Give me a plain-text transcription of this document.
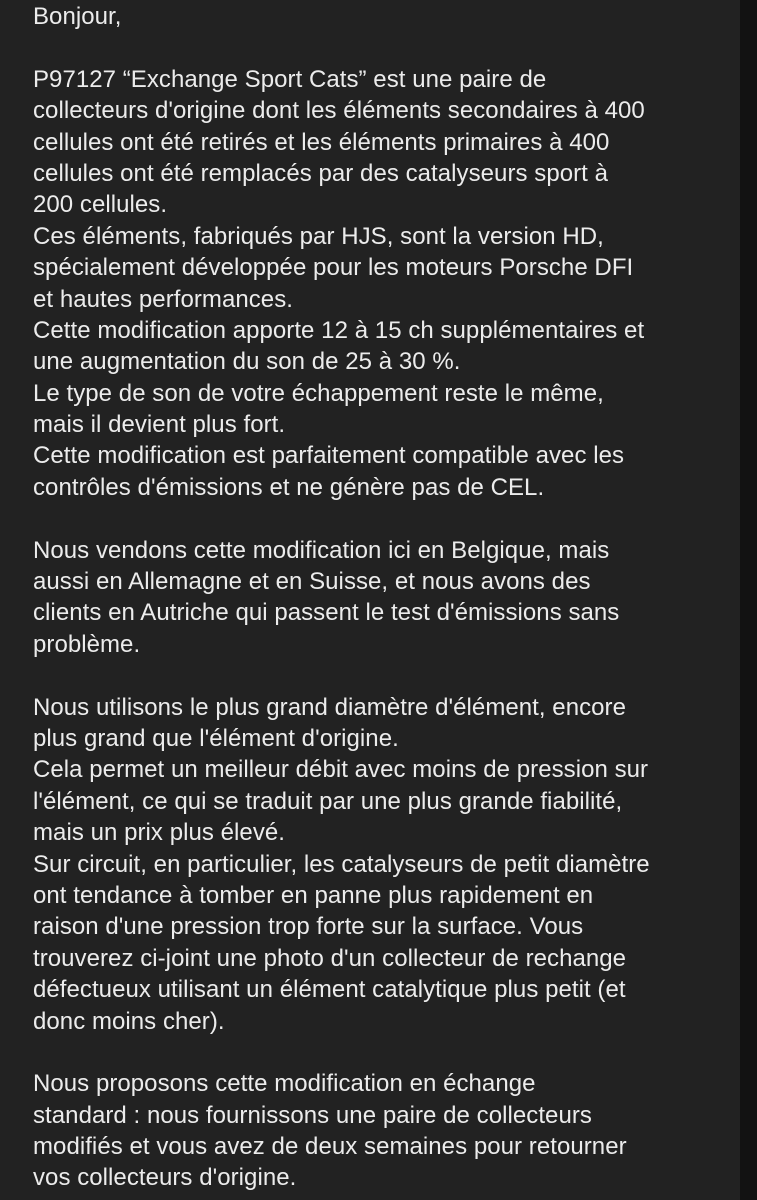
Bonjour,
P97127 “Exchange Sport Cats” est une paire de
collecteurs d'origine dont les éléments secondaires à 400
cellules ont été retirés et les éléments primaires à 400
cellules ont été remplacés par des catalyseurs sport à
200 cellules.
Ces éléments, fabriqués par HJS, sont la version HD,
spécialement développée pour les moteurs Porsche DFI
et hautes performances.
Cette modification apporte 12 à 15 ch supplémentaires et
une augmentation du son de 25 à 30 %.
Le type de son de votre échappement reste le même,
mais il devient plus fort.
Cette modification est parfaitement compatible avec les
contrôles d'émissions et ne génère pas de CEL.
Nous vendons cette modification ici en Belgique, mais
aussi en Allemagne et en Suisse, et nous avons des
clients en Autriche qui passent le test d'émissions sans
problème.
Nous utilisons le plus grand diamètre d'élément, encore
plus grand que l'élément d'origine.
Cela permet un meilleur débit avec moins de pression sur
l'élément, ce qui se traduit par une plus grande fiabilité,
mais un prix plus élevé.
Sur circuit, en particulier, les catalyseurs de petit diamètre
ont tendance à tomber en panne plus rapidement en
raison d'une pression trop forte sur la surface. Vous
trouverez ci-joint une photo d'un collecteur de rechange
défectueux utilisant un élément catalytique plus petit (et
donc moins cher).
Nous proposons cette modification en échange
standard : nous fournissons une paire de collecteurs
modifiés et vous avez de deux semaines pour retourner
vos collecteurs d'origine.
